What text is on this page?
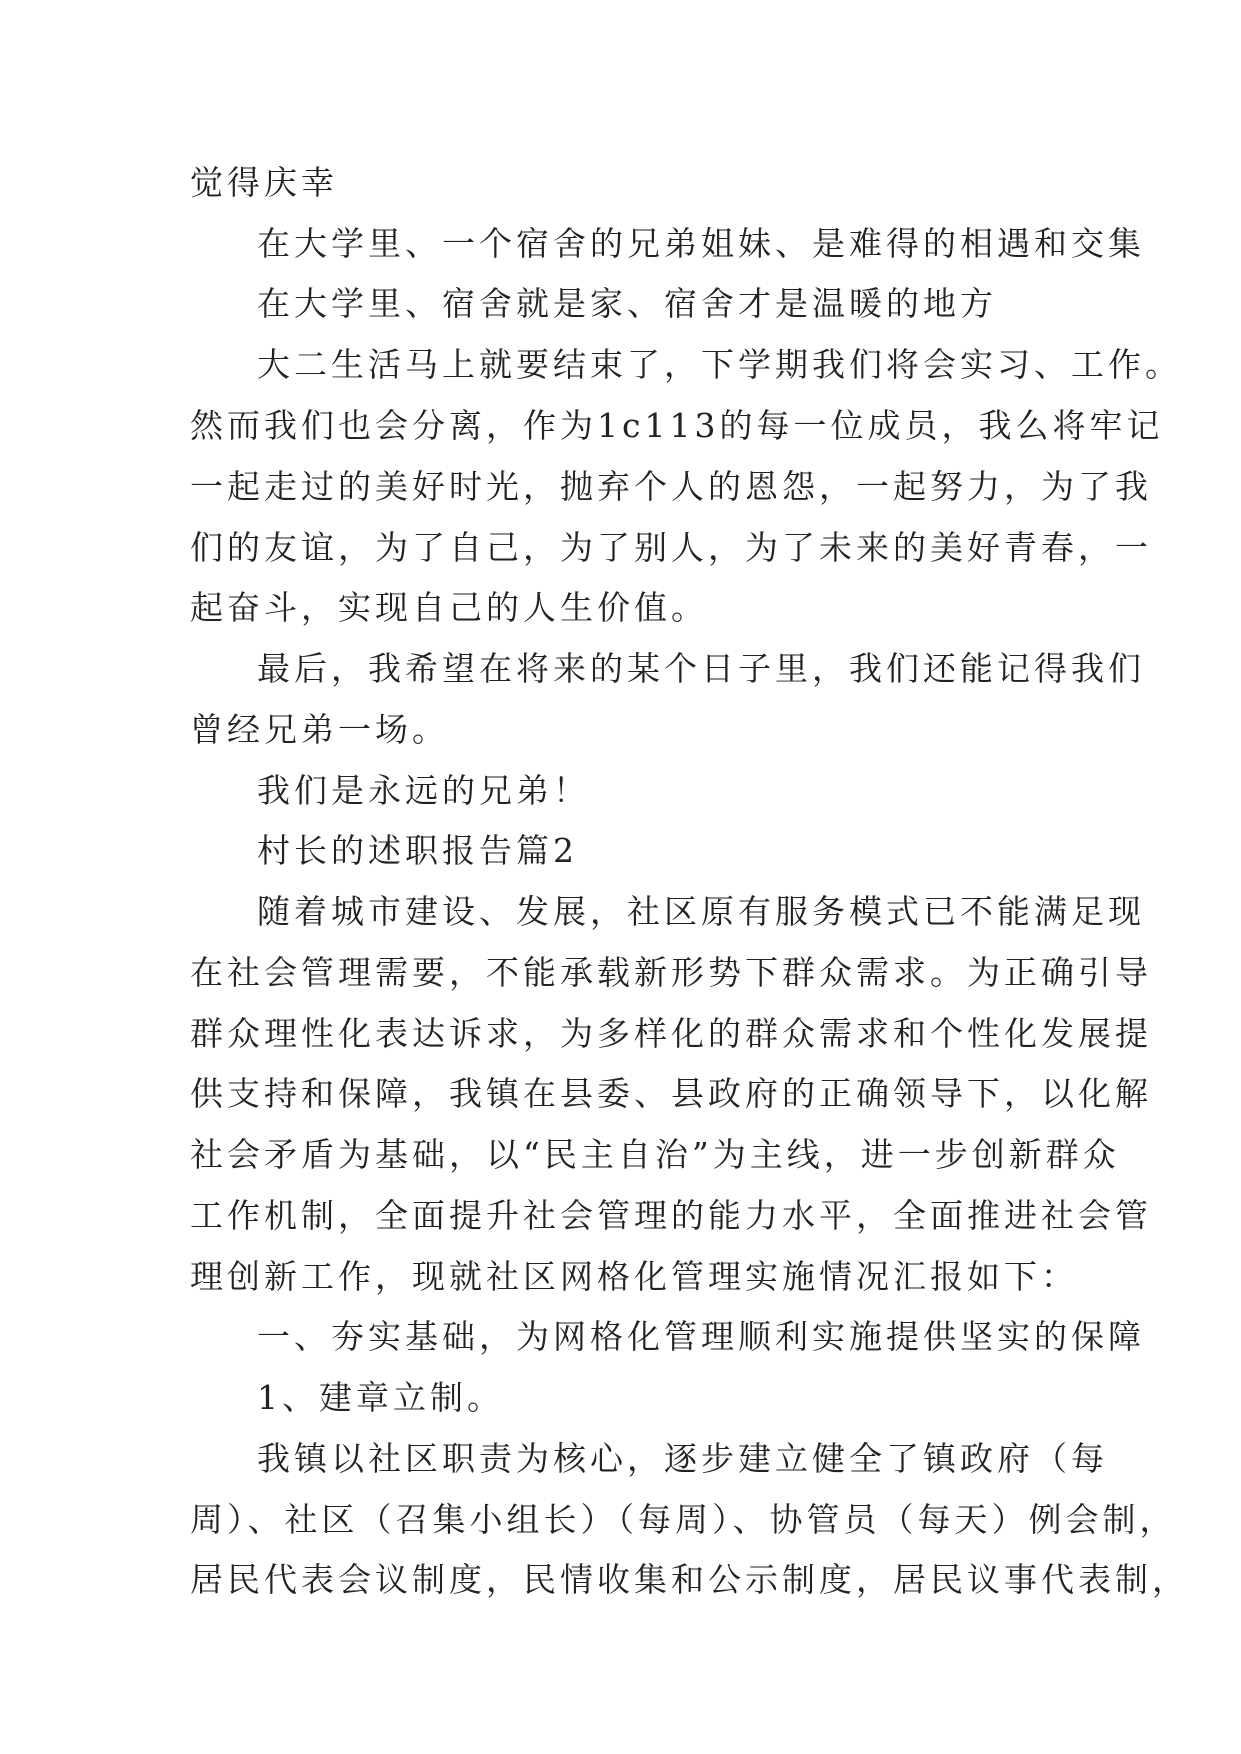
觉得庆幸
在大学里、一个宿舍的兄弟姐妹、是难得的相遇和交集
在大学里、宿舍就是家、宿舍才是温暖的地方
大二生活马上就要结束了，下学期我们将会实习、工作。
然而我们也会分离，作为1c113的每一位成员，我么将牢记
一起走过的美好时光，抛弃个人的恩怨，一起努力，为了我
们的友谊，为了自己，为了别人，为了未来的美好青春，一
起奋斗，实现自己的人生价值。
最后，我希望在将来的某个日子里，我们还能记得我们
曾经兄弟一场。
我们是永远的兄弟！
村长的述职报告篇2
随着城市建设、发展，社区原有服务模式已不能满足现
在社会管理需要，不能承载新形势下群众需求。为正确引导
群众理性化表达诉求，为多样化的群众需求和个性化发展提
供支持和保障，我镇在县委、县政府的正确领导下，以化解
社会矛盾为基础，以“民主自治”为主线，进一步创新群众
工作机制，全面提升社会管理的能力水平，全面推进社会管
理创新工作，现就社区网格化管理实施情况汇报如下：
一、夯实基础，为网格化管理顺利实施提供坚实的保障
1、建章立制。
我镇以社区职责为核心，逐步建立健全了镇政府（每
周）、社区（召集小组长）（每周）、协管员（每天）例会制，
居民代表会议制度，民情收集和公示制度，居民议事代表制，
